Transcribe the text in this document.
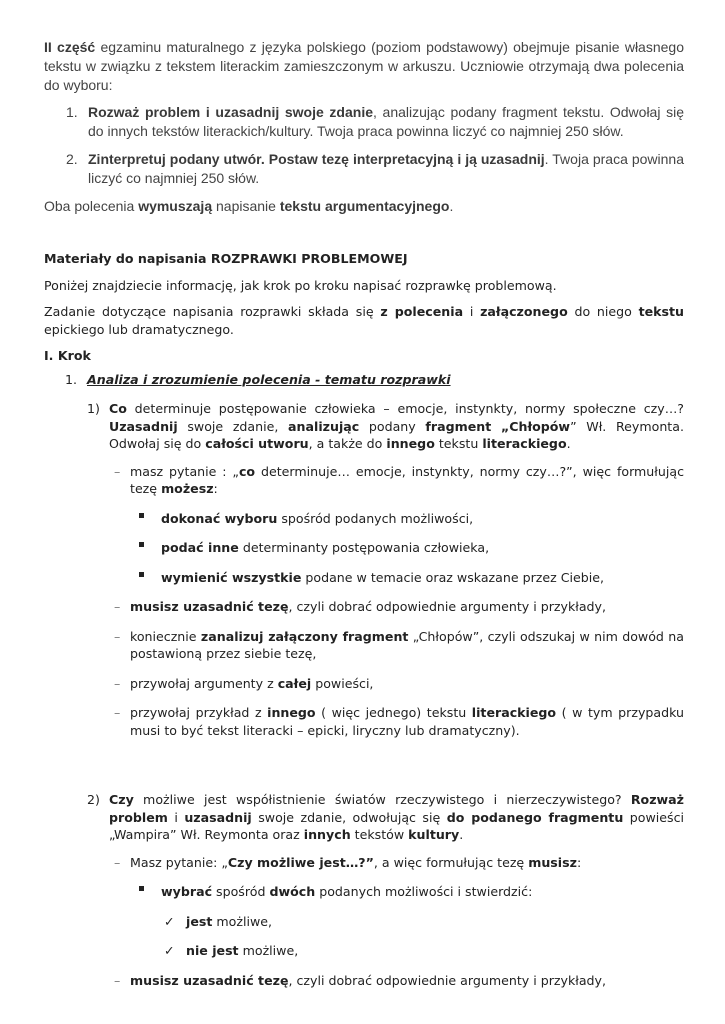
II część egzaminu maturalnego z języka polskiego (poziom podstawowy) obejmuje pisanie własnego tekstu w związku z tekstem literackim zamieszczonym w arkuszu. Uczniowie otrzymają dwa polecenia do wyboru:

1. Rozważ problem i uzasadnij swoje zdanie, analizując podany fragment tekstu. Odwołaj się do innych tekstów literackich/kultury. Twoja praca powinna liczyć co najmniej 250 słów.
2. Zinterpretuj podany utwór. Postaw tezę interpretacyjną i ją uzasadnij. Twoja praca powinna liczyć co najmniej 250 słów.

Oba polecenia wymuszają napisanie tekstu argumentacyjnego.

Materiały do napisania ROZPRAWKI PROBLEMOWEJ

Poniżej znajdziecie informację, jak krok po kroku napisać rozprawkę problemową.

Zadanie dotyczące napisania rozprawki składa się z polecenia i załączonego do niego tekstu epickiego lub dramatycznego.

I. Krok

1. Analiza i zrozumienie polecenia - tematu rozprawki
1) Co determinuje postępowanie człowieka – emocje, instynkty, normy społeczne czy…? Uzasadnij swoje zdanie, analizując podany fragment „Chłopów” Wł. Reymonta. Odwołaj się do całości utworu, a także do innego tekstu literackiego.
– masz pytanie : „co determinuje… emocje, instynkty, normy czy…?”, więc formułując tezę możesz:
dokonać wyboru spośród podanych możliwości,
podać inne determinanty postępowania człowieka,
wymienić wszystkie podane w temacie oraz wskazane przez Ciebie,
– musisz uzasadnić tezę, czyli dobrać odpowiednie argumenty i przykłady,
– koniecznie zanalizuj załączony fragment „Chłopów”, czyli odszukaj w nim dowód na postawioną przez siebie tezę,
– przywołaj argumenty z całej powieści,
– przywołaj przykład z innego ( więc jednego) tekstu literackiego ( w tym przypadku musi to być tekst literacki – epicki, liryczny lub dramatyczny).
2) Czy możliwe jest współistnienie światów rzeczywistego i nierzeczywistego? Rozważ problem i uzasadnij swoje zdanie, odwołując się do podanego fragmentu powieści „Wampira” Wł. Reymonta oraz innych tekstów kultury.
– Masz pytanie: „Czy możliwe jest…?”, a więc formułując tezę musisz:
wybrać spośród dwóch podanych możliwości i stwierdzić:
✓ jest możliwe,
✓ nie jest możliwe,
– musisz uzasadnić tezę, czyli dobrać odpowiednie argumenty i przykłady,
